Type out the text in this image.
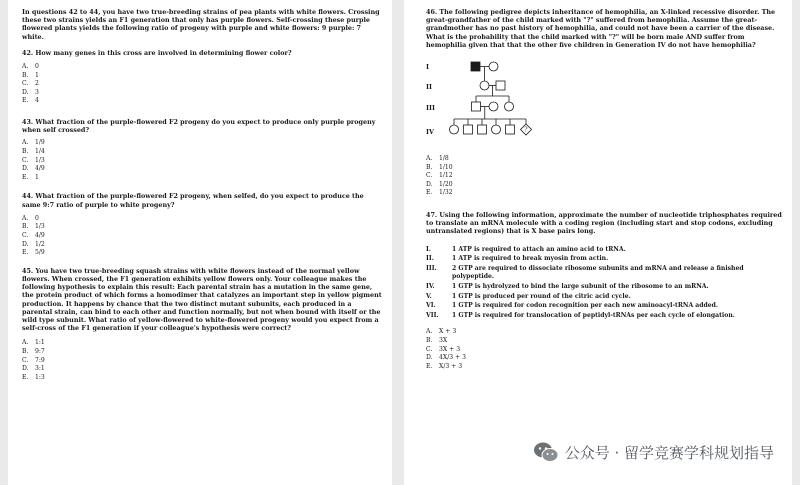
In questions 42 to 44, you have two true-breeding strains of pea plants with white flowers. Crossing these two strains yields an F1 generation that only has purple flowers. Self-crossing these purple flowered plants yields the following ratio of progeny with purple and white flowers: 9 purple: 7 white.

42. How many genes in this cross are involved in determining flower color?

A.	0
B.	1
C.	2
D.	3
E.	4

43. What fraction of the purple-flowered F2 progeny do you expect to produce only purple progeny when self crossed?

A.	1/9
B.	1/4
C.	1/3
D.	4/9
E.	1

44. What fraction of the purple-flowered F2 progeny, when selfed, do you expect to produce the same 9:7 ratio of purple to white progeny?

A.	0
B.	1/3
C.	4/9
D.	1/2
E.	5/9

45. You have two true-breeding squash strains with white flowers instead of the normal yellow flowers. When crossed, the F1 generation exhibits yellow flowers only. Your colleague makes the following hypothesis to explain this result: Each parental strain has a mutation in the same gene, the protein product of which forms a homodimer that catalyzes an important step in yellow pigment production. It happens by chance that the two distinct mutant subunits, each produced in a parental strain, can bind to each other and function normally, but not when bound with itself or the wild type subunit. What ratio of yellow-flowered to white-flowered progeny would you expect from a self-cross of the F1 generation if your colleague's hypothesis were correct?

A.	1:1
B.	9:7
C.	7:9
D.	3:1
E.	1:3

46. The following pedigree depicts inheritance of hemophilia, an X-linked recessive disorder. The great-grandfather of the child marked with "?" suffered from hemophilia. Assume the great-grandmother has no past history of hemophilia, and could not have been a carrier of the disease. What is the probability that the child marked with "?" will be born male AND suffer from hemophilia given that that the other five children in Generation IV do not have hemophilia?

I
II
III
IV	?
A.	1/8
B.	1/10
C.	1/12
D.	1/20
E.	1/32

47. Using the following information, approximate the number of nucleotide triphosphates required to translate an mRNA molecule with a coding region (including start and stop codons, excluding untranslated regions) that is X base pairs long.

I.	1 ATP is required to attach an amino acid to tRNA.
II.	1 ATP is required to break myosin from actin.
III.	2 GTP are required to dissociate ribosome subunits and mRNA and release a finished polypeptide.
IV.	1 GTP is hydrolyzed to bind the large subunit of the ribosome to an mRNA.
V.	1 GTP is produced per round of the citric acid cycle.
VI.	1 GTP is required for codon recognition per each new aminoacyl-tRNA added.
VII.	1 GTP is required for translocation of peptidyl-tRNAs per each cycle of elongation.
A.	X + 3
B.	3X
C.	3X + 3
D.	4X/3 + 3
E.	X/3 + 3
公众号 · 留学竞赛学科规划指导
